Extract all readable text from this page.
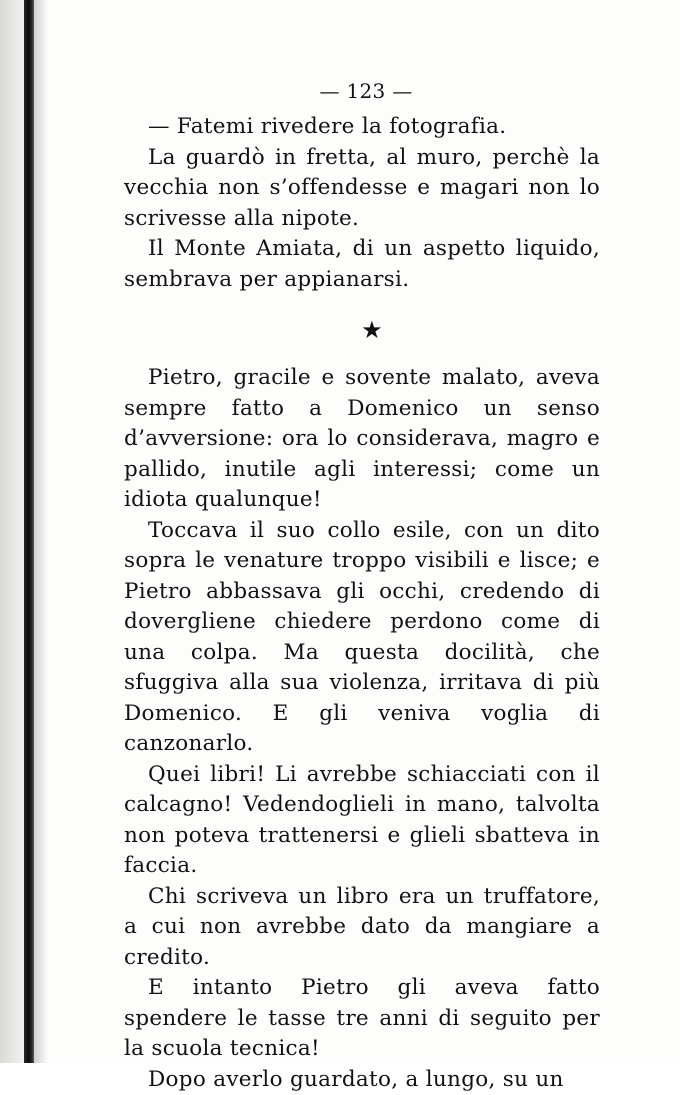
— 123 —

— Fatemi rivedere la fotografia.

La guardò in fretta, al muro, perchè la vecchia non s’offendesse e magari non lo scrivesse alla nipote.

Il Monte Amiata, di un aspetto liquido, sembrava per appianarsi.

★

Pietro, gracile e sovente malato, aveva sempre fatto a Domenico un senso d’avversione: ora lo considerava, magro e pallido, inutile agli interessi; come un idiota qualunque!

Toccava il suo collo esile, con un dito sopra le venature troppo visibili e lisce; e Pietro abbassava gli occhi, credendo di dovergliene chiedere perdono come di una colpa. Ma questa docilità, che sfuggiva alla sua violenza, irritava di più Domenico. E gli veniva voglia di canzonarlo.

Quei libri! Li avrebbe schiacciati con il calcagno! Vedendoglieli in mano, talvolta non poteva trattenersi e glieli sbatteva in faccia.

Chi scriveva un libro era un truffatore, a cui non avrebbe dato da mangiare a credito.

E intanto Pietro gli aveva fatto spendere le tasse tre anni di seguito per la scuola tecnica!

Dopo averlo guardato, a lungo, su un
